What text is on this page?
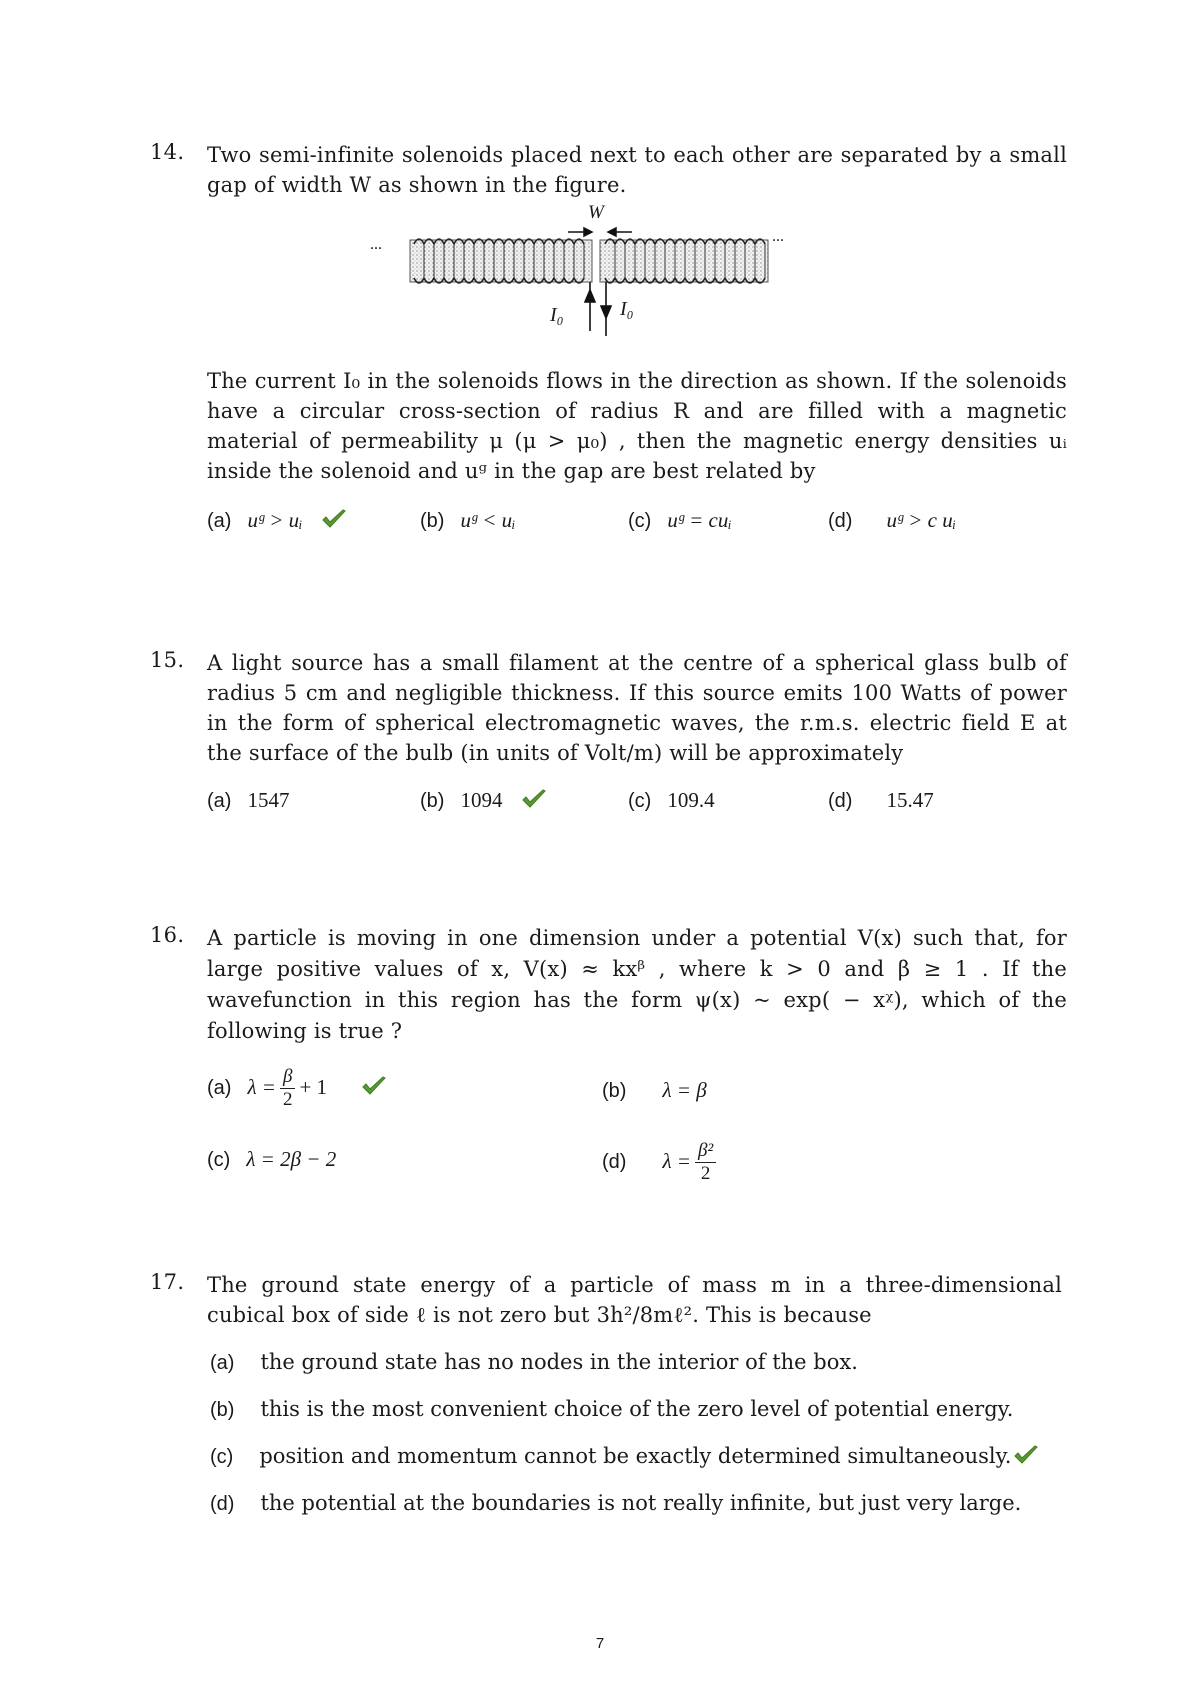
14. Two semi-infinite solenoids placed next to each other are separated by a small gap of width W as shown in the figure.
W
...	...
I₀	I₀
The current I₀ in the solenoids flows in the direction as shown. If the solenoids have a circular cross-section of radius R and are filled with a magnetic material of permeability μ (μ > μ₀) , then the magnetic energy densities uᵢ inside the solenoid and uᵍ in the gap are best related by
(a) uᵍ > uᵢ	(b) uᵍ < uᵢ	(c) uᵍ = cuᵢ	(d) uᵍ > c uᵢ
15. A light source has a small filament at the centre of a spherical glass bulb of radius 5 cm and negligible thickness. If this source emits 100 Watts of power in the form of spherical electromagnetic waves, the r.m.s. electric field E at the surface of the bulb (in units of Volt/m) will be approximately
(a) 1547	(b) 1094	(c) 109.4	(d) 15.47
16. A particle is moving in one dimension under a potential V(x) such that, for large positive values of x, V(x) ≈ kxᵝ , where k > 0 and β ≥ 1 . If the wavefunction in this region has the form ψ(x) ~ exp( − xᵡ), which of the following is true ?
(a) $\lambda = \frac{\beta}{2} + 1$	(b) λ = β
(c) λ = 2β − 2	(d) $\lambda = \frac{\text{β²}}{2}$
17. The ground state energy of a particle of mass m in a three-dimensional cubical box of side ℓ is not zero but 3h²/8mℓ². This is because
(a) the ground state has no nodes in the interior of the box.
(b) this is the most convenient choice of the zero level of potential energy.
(c) position and momentum cannot be exactly determined simultaneously.
(d) the potential at the boundaries is not really infinite, but just very large.
7
